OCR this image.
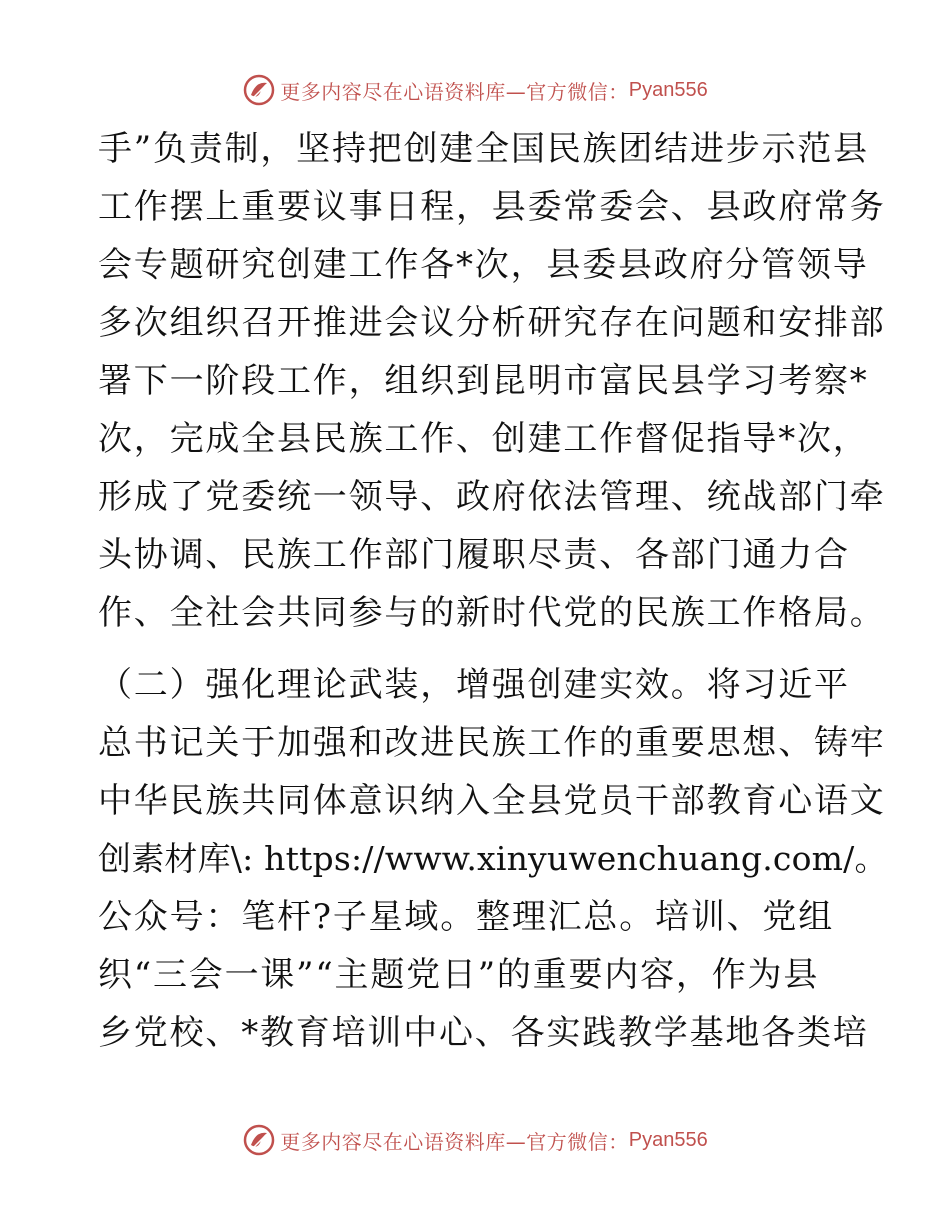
更多内容尽在心语资料库—官方微信： Pyan556
手”负责制，坚持把创建全国民族团结进步示范县
工作摆上重要议事日程，县委常委会、县政府常务
会专题研究创建工作各*次，县委县政府分管领导
多次组织召开推进会议分析研究存在问题和安排部
署下一阶段工作，组织到昆明市富民县学习考察*
次，完成全县民族工作、创建工作督促指导*次，
形成了党委统一领导、政府依法管理、统战部门牵
头协调、民族工作部门履职尽责、各部门通力合
作、全社会共同参与的新时代党的民族工作格局。
（二）强化理论武装，增强创建实效。将习近平
总书记关于加强和改进民族工作的重要思想、铸牢
中华民族共同体意识纳入全县党员干部教育心语文
创素材库\: https://www.xinyuwenchuang.com/。
公众号：笔杆?子星域。整理汇总。培训、党组
织“三会一课”“主题党日”的重要内容，作为县
乡党校、*教育培训中心、各实践教学基地各类培
更多内容尽在心语资料库—官方微信： Pyan556
